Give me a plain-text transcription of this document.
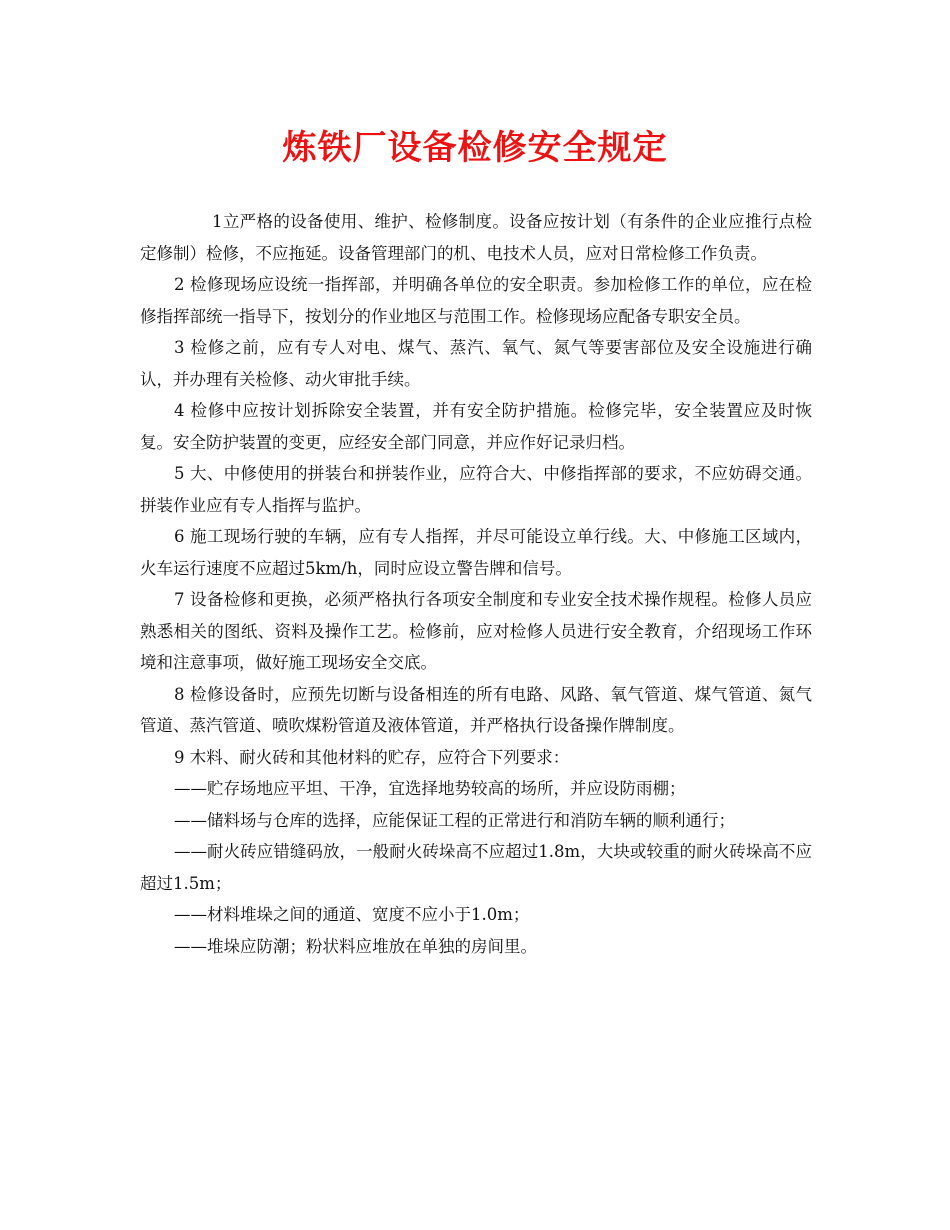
炼铁厂设备检修安全规定

1立严格的设备使用、维护、检修制度。设备应按计划（有条件的企业应推行点检定修制）检修，不应拖延。设备管理部门的机、电技术人员，应对日常检修工作负责。

2 检修现场应设统一指挥部，并明确各单位的安全职责。参加检修工作的单位，应在检修指挥部统一指导下，按划分的作业地区与范围工作。检修现场应配备专职安全员。

3 检修之前，应有专人对电、煤气、蒸汽、氧气、氮气等要害部位及安全设施进行确认，并办理有关检修、动火审批手续。

4 检修中应按计划拆除安全装置，并有安全防护措施。检修完毕，安全装置应及时恢复。安全防护装置的变更，应经安全部门同意，并应作好记录归档。

5 大、中修使用的拼装台和拼装作业，应符合大、中修指挥部的要求，不应妨碍交通。拼装作业应有专人指挥与监护。

6 施工现场行驶的车辆，应有专人指挥，并尽可能设立单行线。大、中修施工区域内，火车运行速度不应超过5km/h，同时应设立警告牌和信号。

7 设备检修和更换，必须严格执行各项安全制度和专业安全技术操作规程。检修人员应熟悉相关的图纸、资料及操作工艺。检修前，应对检修人员进行安全教育，介绍现场工作环境和注意事项，做好施工现场安全交底。

8 检修设备时，应预先切断与设备相连的所有电路、风路、氧气管道、煤气管道、氮气管道、蒸汽管道、喷吹煤粉管道及液体管道，并严格执行设备操作牌制度。

9 木料、耐火砖和其他材料的贮存，应符合下列要求：

——贮存场地应平坦、干净，宜选择地势较高的场所，并应设防雨棚；

——储料场与仓库的选择，应能保证工程的正常进行和消防车辆的顺利通行；

——耐火砖应错缝码放，一般耐火砖垛高不应超过1.8m，大块或较重的耐火砖垛高不应超过1.5m；

——材料堆垛之间的通道、宽度不应小于1.0m；

——堆垛应防潮；粉状料应堆放在单独的房间里。
